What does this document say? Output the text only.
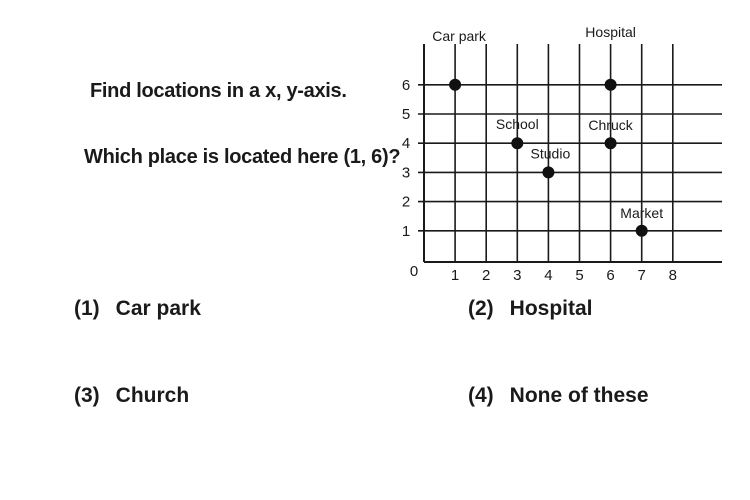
Find locations in a x, y-axis.
Which place is located here (1, 6)?
0 1 2 3 4 5 6 7 8
1
2
3
4
5
6
Car park	Hospital
School	Chruck
Studio
Market
(1) Car park	(2) Hospital
(3) Church	(4) None of these
